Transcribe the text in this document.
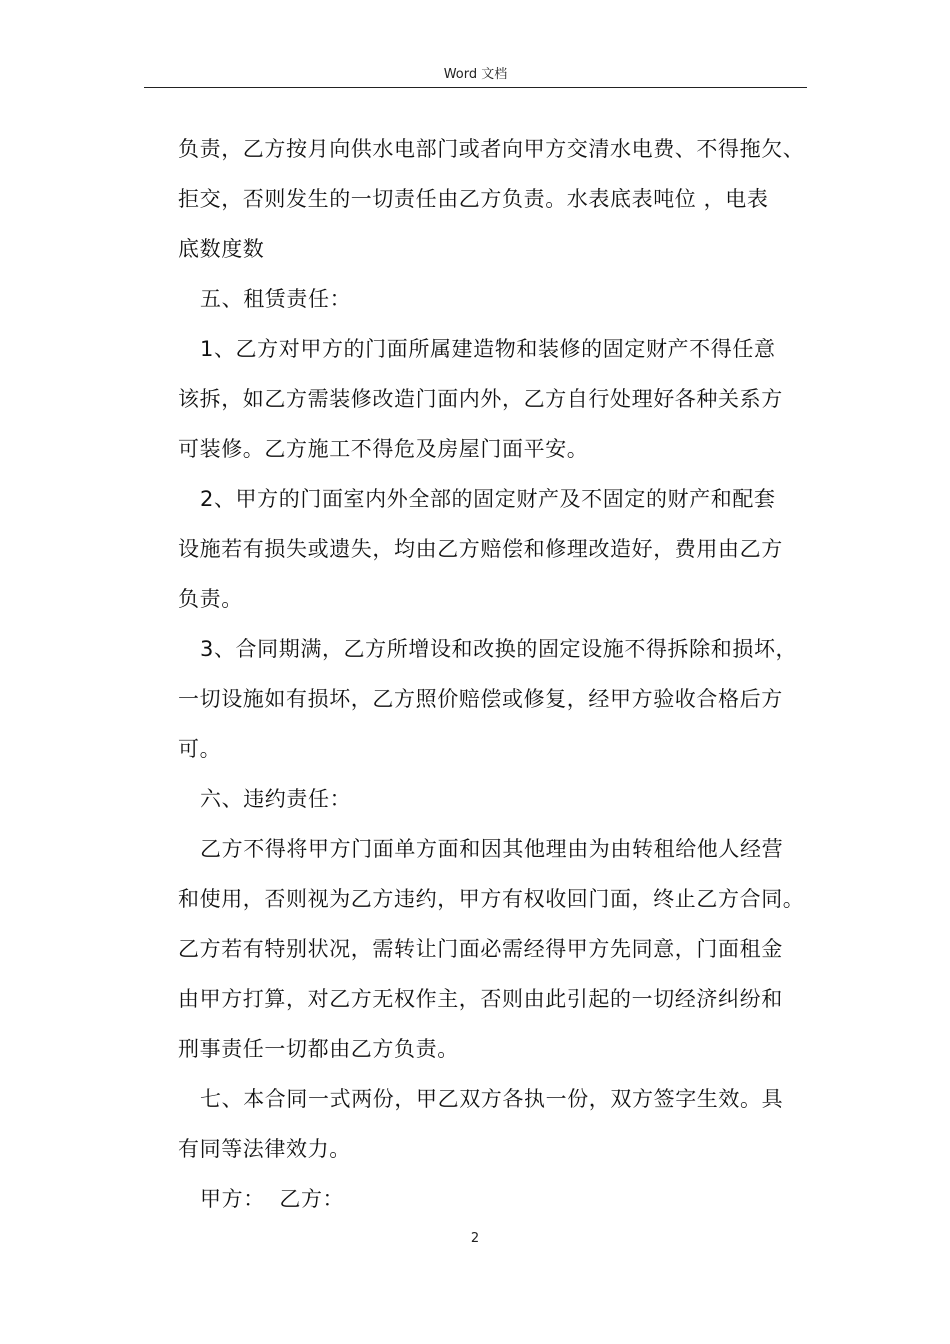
Word 文档
负责，乙方按月向供水电部门或者向甲方交清水电费、不得拖欠、
拒交，否则发生的一切责任由乙方负责。水表底表吨位 ，电表
底数度数
五、租赁责任：
1、乙方对甲方的门面所属建造物和装修的固定财产不得任意
该拆，如乙方需装修改造门面内外，乙方自行处理好各种关系方
可装修。乙方施工不得危及房屋门面平安。
2、甲方的门面室内外全部的固定财产及不固定的财产和配套
设施若有损失或遗失，均由乙方赔偿和修理改造好，费用由乙方
负责。
3、合同期满，乙方所增设和改换的固定设施不得拆除和损坏，
一切设施如有损坏，乙方照价赔偿或修复，经甲方验收合格后方
可。
六、违约责任：
乙方不得将甲方门面单方面和因其他理由为由转租给他人经营
和使用，否则视为乙方违约，甲方有权收回门面，终止乙方合同。
乙方若有特别状况，需转让门面必需经得甲方先同意，门面租金
由甲方打算，对乙方无权作主，否则由此引起的一切经济纠纷和
刑事责任一切都由乙方负责。
七、本合同一式两份，甲乙双方各执一份，双方签字生效。具
有同等法律效力。
甲方：  乙方：
2
